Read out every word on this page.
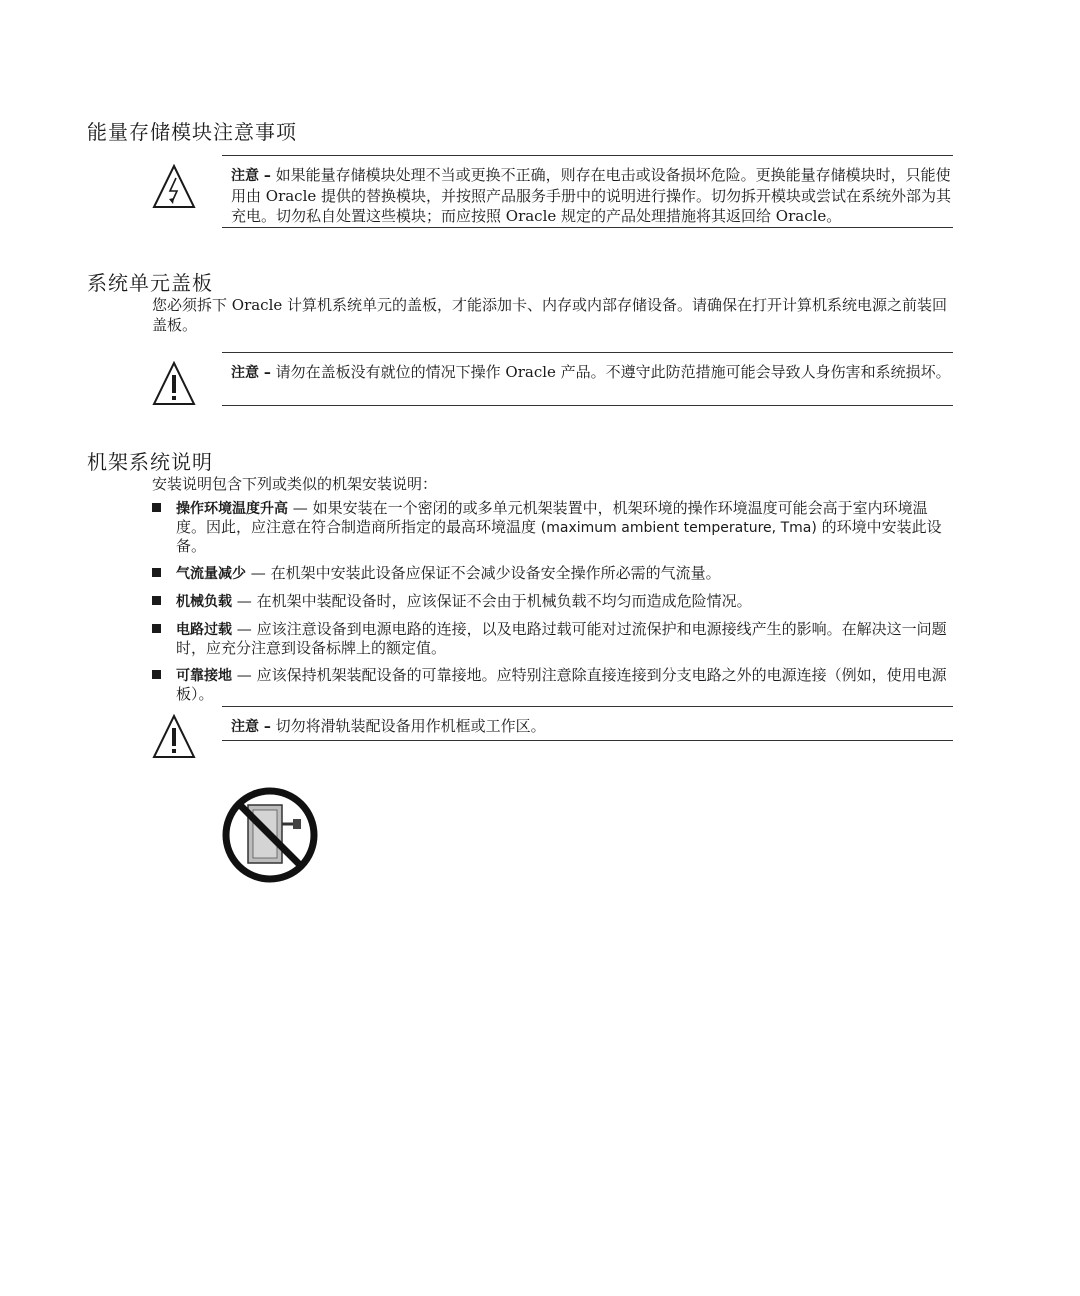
能量存储模块注意事项
注意 – 如果能量存储模块处理不当或更换不正确，则存在电击或设备损坏危险。更换能量存储模块时，只能使用由 Oracle 提供的替换模块，并按照产品服务手册中的说明进行操作。切勿拆开模块或尝试在系统外部为其充电。切勿私自处置这些模块；而应按照 Oracle 规定的产品处理措施将其返回给 Oracle。
系统单元盖板
您必须拆下 Oracle 计算机系统单元的盖板，才能添加卡、内存或内部存储设备。请确保在打开计算机系统电源之前装回盖板。
注意 – 请勿在盖板没有就位的情况下操作 Oracle 产品。不遵守此防范措施可能会导致人身伤害和系统损坏。
机架系统说明
安装说明包含下列或类似的机架安装说明：
操作环境温度升高 — 如果安装在一个密闭的或多单元机架装置中，机架环境的操作环境温度可能会高于室内环境温度。因此，应注意在符合制造商所指定的最高环境温度 (maximum ambient temperature, Tma) 的环境中安装此设备。
气流量减少 — 在机架中安装此设备应保证不会减少设备安全操作所必需的气流量。
机械负载 — 在机架中装配设备时，应该保证不会由于机械负载不均匀而造成危险情况。
电路过载 — 应该注意设备到电源电路的连接，以及电路过载可能对过流保护和电源接线产生的影响。在解决这一问题时，应充分注意到设备标牌上的额定值。
可靠接地 — 应该保持机架装配设备的可靠接地。应特别注意除直接连接到分支电路之外的电源连接（例如，使用电源板）。
注意 – 切勿将滑轨装配设备用作机框或工作区。
